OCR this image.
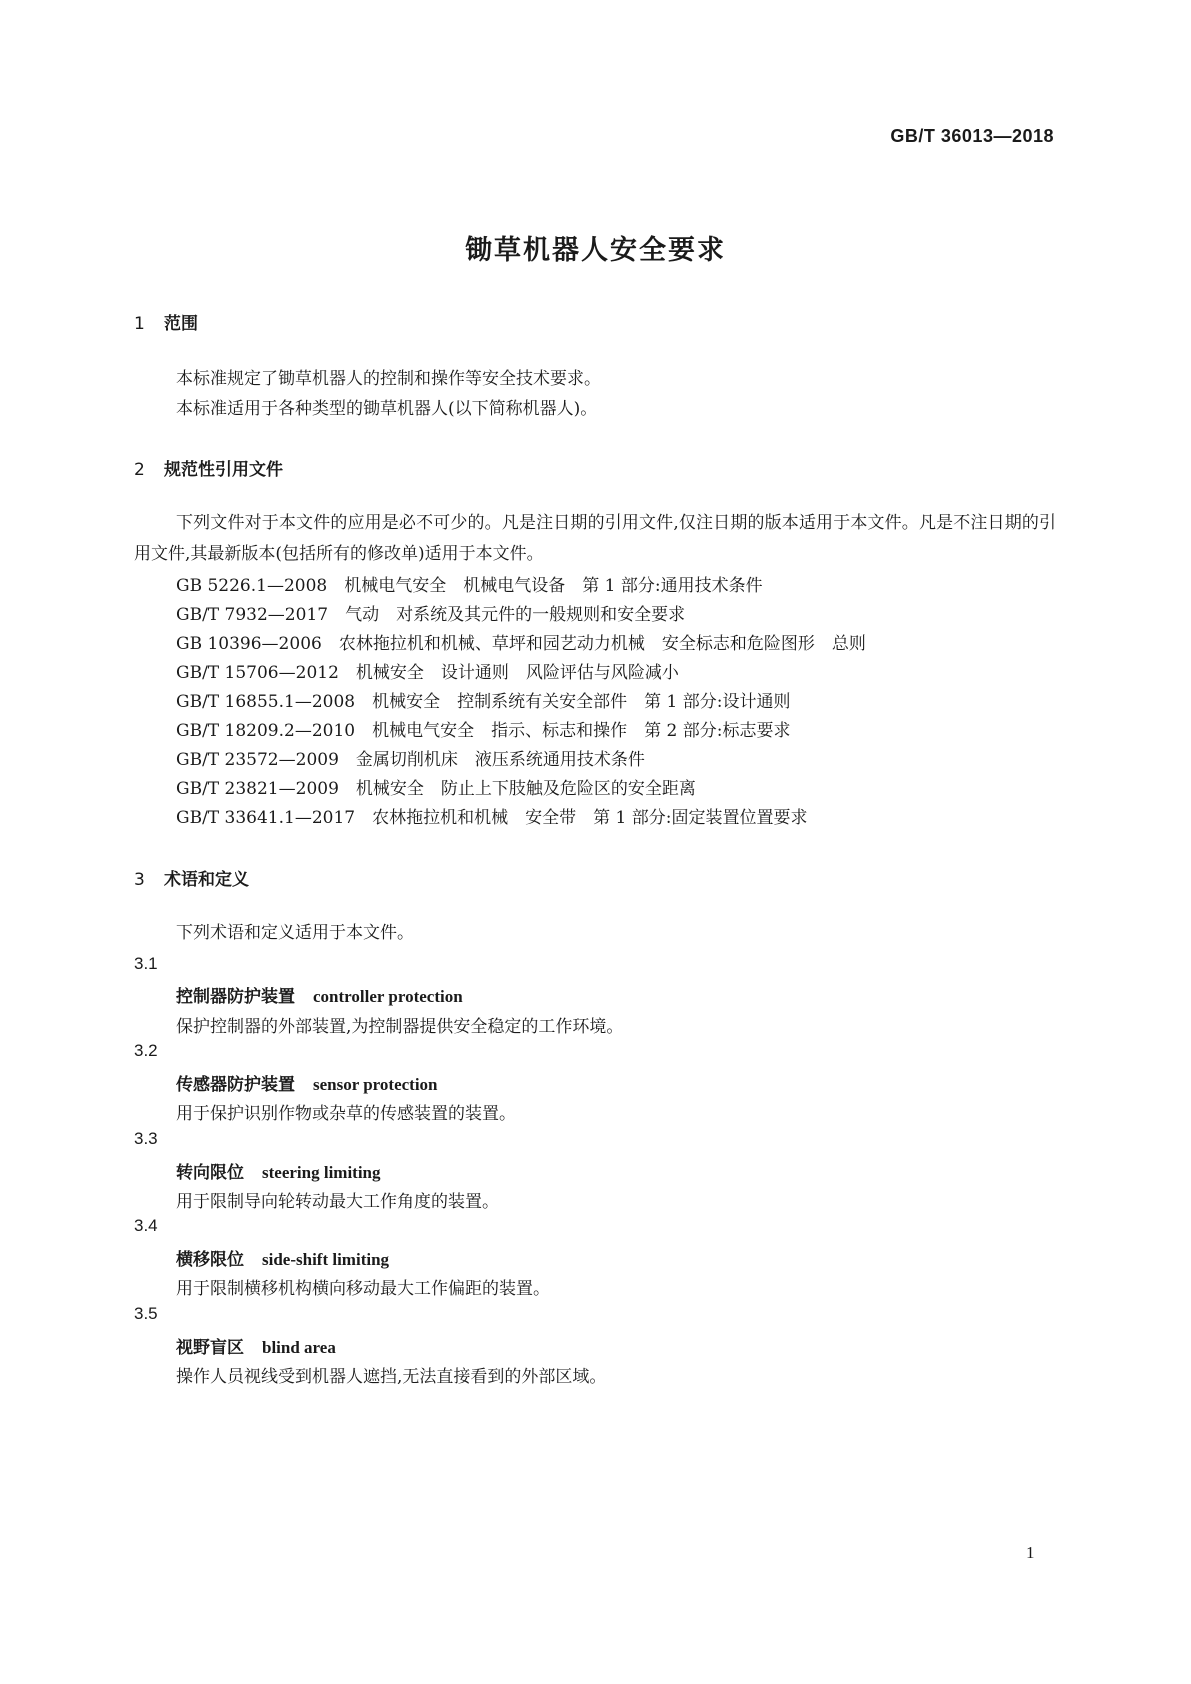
GB/T 36013—2018
锄草机器人安全要求
1 范围
本标准规定了锄草机器人的控制和操作等安全技术要求。
本标准适用于各种类型的锄草机器人(以下简称机器人)。
2 规范性引用文件
下列文件对于本文件的应用是必不可少的。凡是注日期的引用文件,仅注日期的版本适用于本文件。凡是不注日期的引用文件,其最新版本(包括所有的修改单)适用于本文件。
GB 5226.1—2008　机械电气安全　机械电气设备　第 1 部分:通用技术条件
GB/T 7932—2017　气动　对系统及其元件的一般规则和安全要求
GB 10396—2006　农林拖拉机和机械、草坪和园艺动力机械　安全标志和危险图形　总则
GB/T 15706—2012　机械安全　设计通则　风险评估与风险减小
GB/T 16855.1—2008　机械安全　控制系统有关安全部件　第 1 部分:设计通则
GB/T 18209.2—2010　机械电气安全　指示、标志和操作　第 2 部分:标志要求
GB/T 23572—2009　金属切削机床　液压系统通用技术条件
GB/T 23821—2009　机械安全　防止上下肢触及危险区的安全距离
GB/T 33641.1—2017　农林拖拉机和机械　安全带　第 1 部分:固定装置位置要求
3 术语和定义
下列术语和定义适用于本文件。
3.1
控制器防护装置 controller protection
保护控制器的外部装置,为控制器提供安全稳定的工作环境。
3.2
传感器防护装置 sensor protection
用于保护识别作物或杂草的传感装置的装置。
3.3
转向限位 steering limiting
用于限制导向轮转动最大工作角度的装置。
3.4
横移限位 side-shift limiting
用于限制横移机构横向移动最大工作偏距的装置。
3.5
视野盲区 blind area
操作人员视线受到机器人遮挡,无法直接看到的外部区域。
1
